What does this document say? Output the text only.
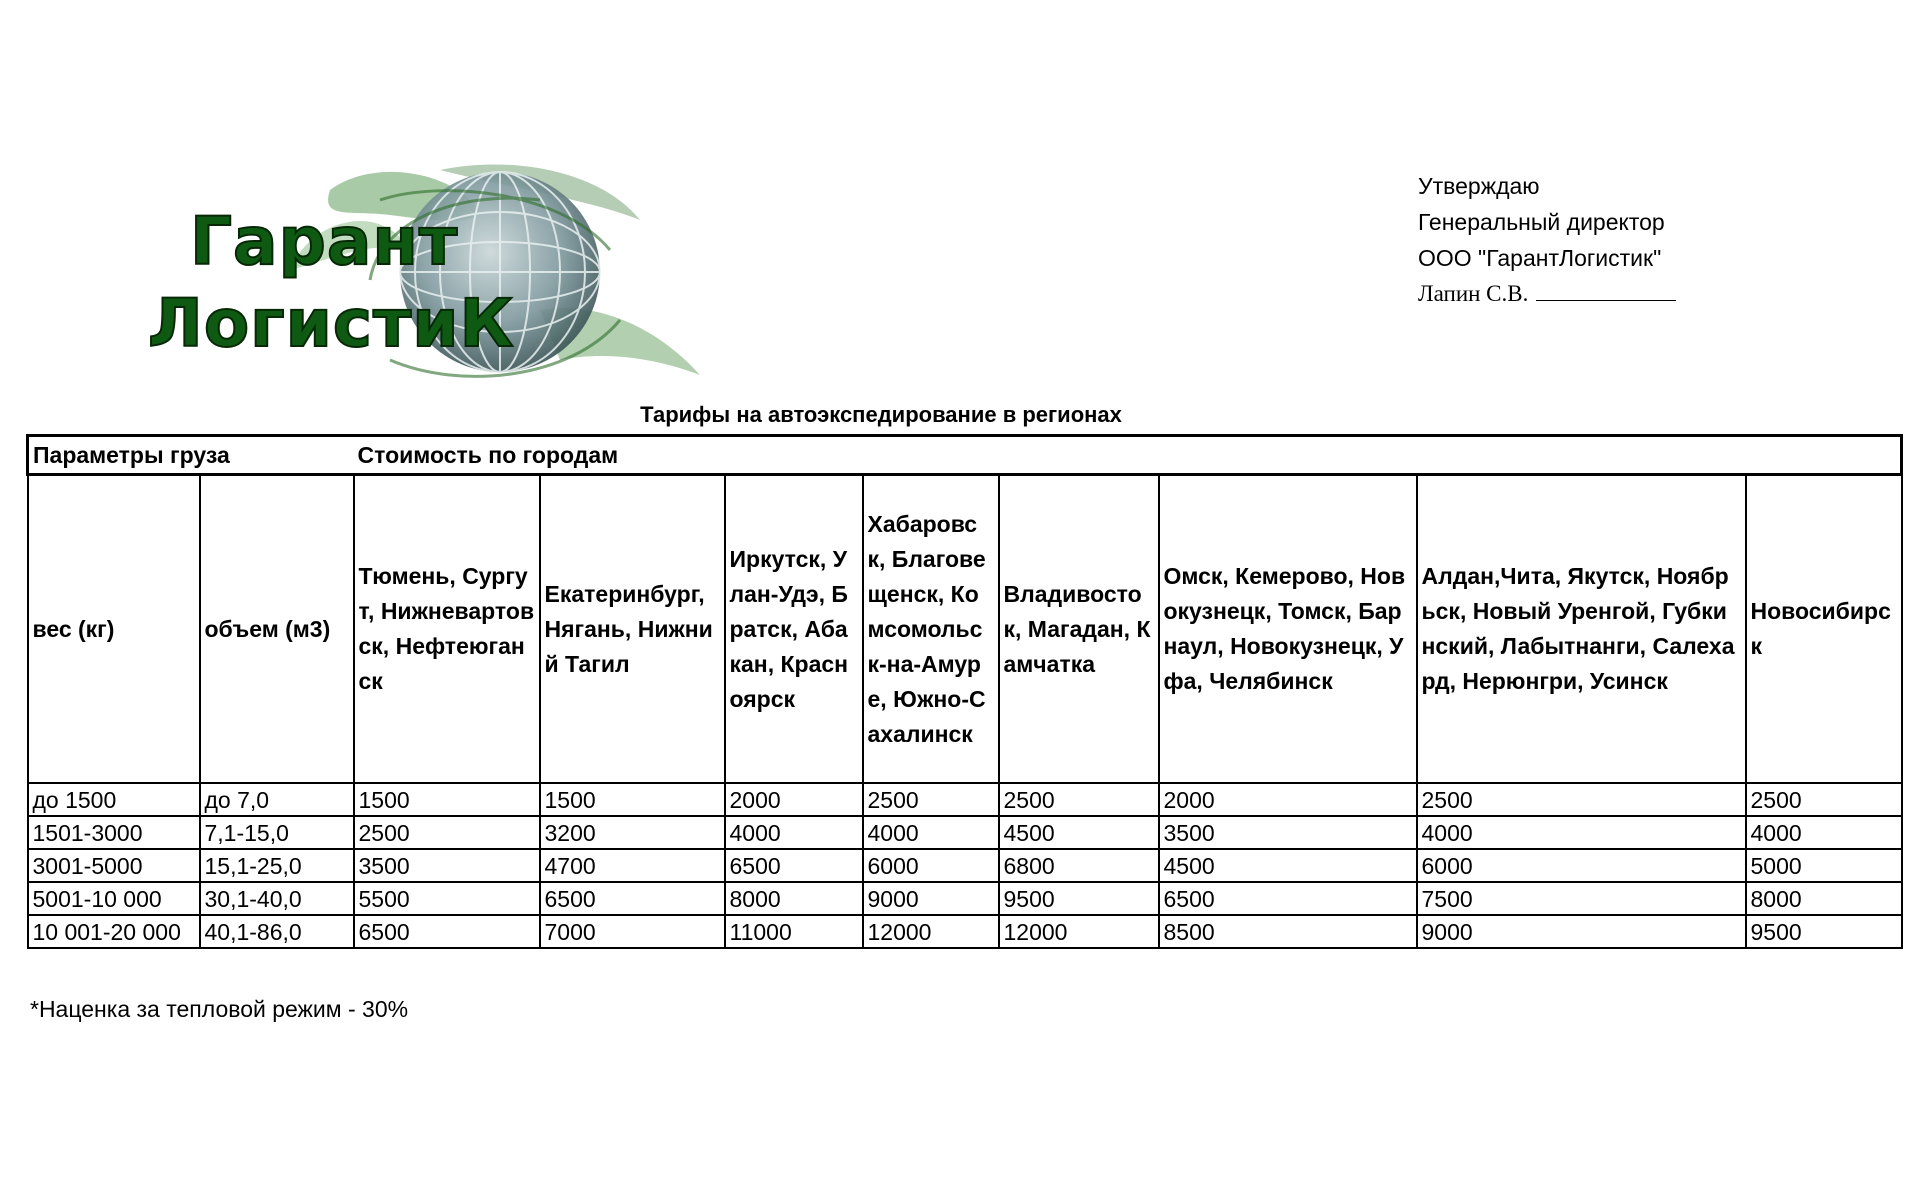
Гарант
ЛогистиК
Утверждаю
Генеральный директор
ООО "ГарантЛогистик"
Лапин С.В.
Тарифы на автоэкспедирование в регионах
Параметры груза		Стоимость по городам							
вес (кг)	объем (м3)	Тюмень, Сургут, Нижневартовск, Нефтеюганск	Екатеринбург, Нягань, Нижний Тагил	Иркутск, Улан-Удэ, Братск, Абакан, Красноярск	Хабаровск, Благовещенск, Комсомольск-на-Амуре, Южно-Сахалинск	Владивосток, Магадан, Камчатка	Омск, Кемерово, Новокузнецк, Томск, Барнаул, Новокузнецк, Уфа, Челябинск	Алдан,Чита, Якутск, Ноябрьск, Новый Уренгой, Губкинский, Лабытнанги, Салехард, Нерюнгри, Усинск	Новосибирск
до 1500	до 7,0	1500	1500	2000	2500	2500	2000	2500	2500
1501-3000	7,1-15,0	2500	3200	4000	4000	4500	3500	4000	4000
3001-5000	15,1-25,0	3500	4700	6500	6000	6800	4500	6000	5000
5001-10 000	30,1-40,0	5500	6500	8000	9000	9500	6500	7500	8000
10 001-20 000	40,1-86,0	6500	7000	11000	12000	12000	8500	9000	9500
*Наценка за тепловой режим - 30%
